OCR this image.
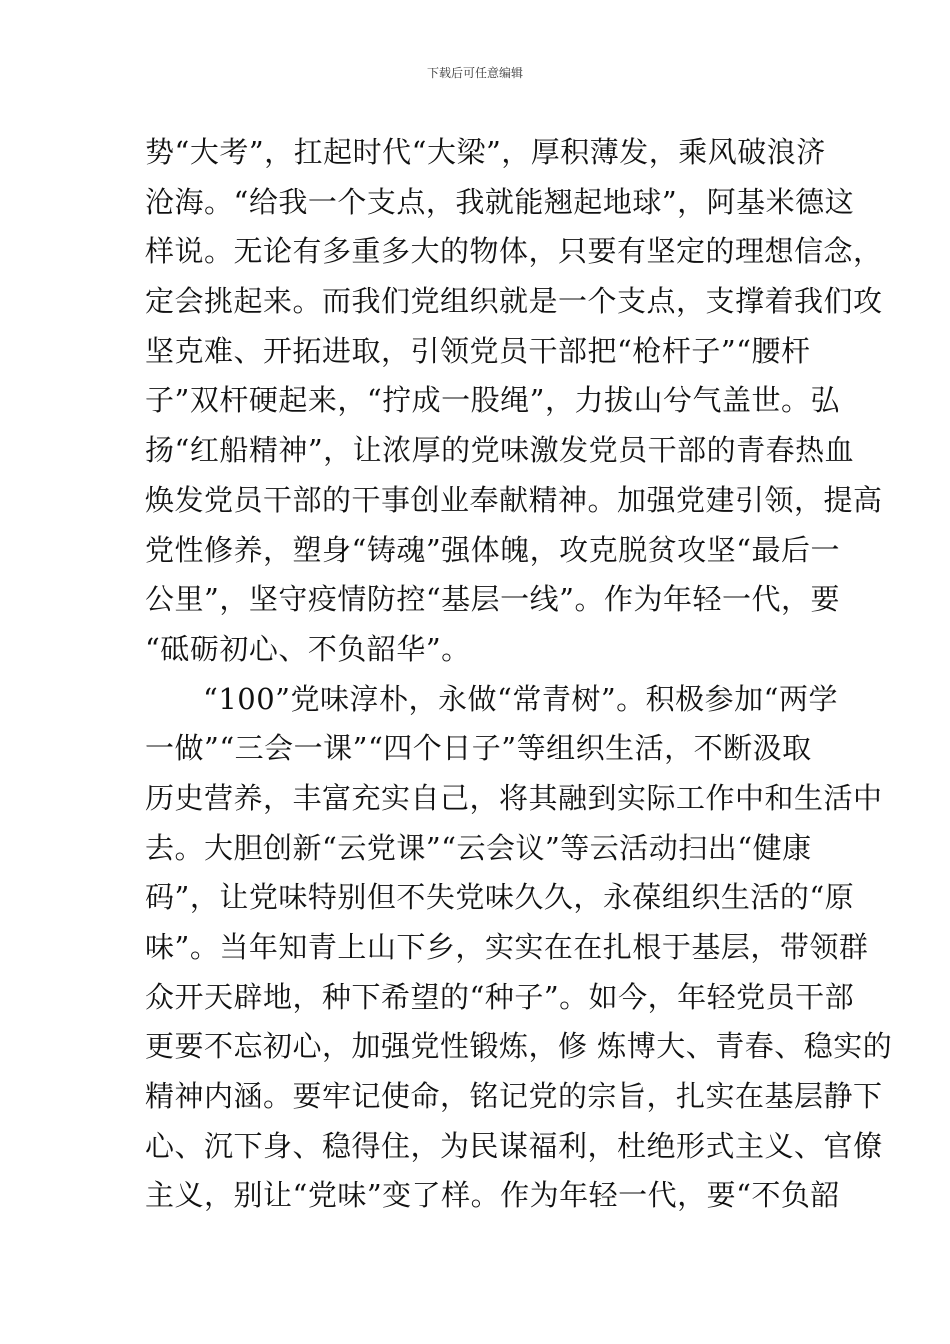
下载后可任意编辑
势“大考”，扛起时代“大梁”，厚积薄发，乘风破浪济
沧海。“给我一个支点，我就能翘起地球”，阿基米德这
样说。无论有多重多大的物体，只要有坚定的理想信念，
定会挑起来。而我们党组织就是一个支点，支撑着我们攻
坚克难、开拓进取，引领党员干部把“枪杆子”“腰杆
子”双杆硬起来，“拧成一股绳”，力拔山兮气盖世。弘
扬“红船精神”，让浓厚的党味激发党员干部的青春热血
焕发党员干部的干事创业奉献精神。加强党建引领，提高
党性修养，塑身“铸魂”强体魄，攻克脱贫攻坚“最后一
公里”，坚守疫情防控“基层一线”。作为年轻一代，要
“砥砺初心、不负韶华”。
“100”党味淳朴，永做“常青树”。积极参加“两学
一做”“三会一课”“四个日子”等组织生活，不断汲取
历史营养，丰富充实自己，将其融到实际工作中和生活中
去。大胆创新“云党课”“云会议”等云活动扫出“健康
码”，让党味特别但不失党味久久，永葆组织生活的“原
味”。当年知青上山下乡，实实在在扎根于基层，带领群
众开天辟地，种下希望的“种子”。如今，年轻党员干部
更要不忘初心，加强党性锻炼，修 炼博大、青春、稳实的
精神内涵。要牢记使命，铭记党的宗旨，扎实在基层静下
心、沉下身、稳得住，为民谋福利，杜绝形式主义、官僚
主义，别让“党味”变了样。作为年轻一代，要“不负韶
